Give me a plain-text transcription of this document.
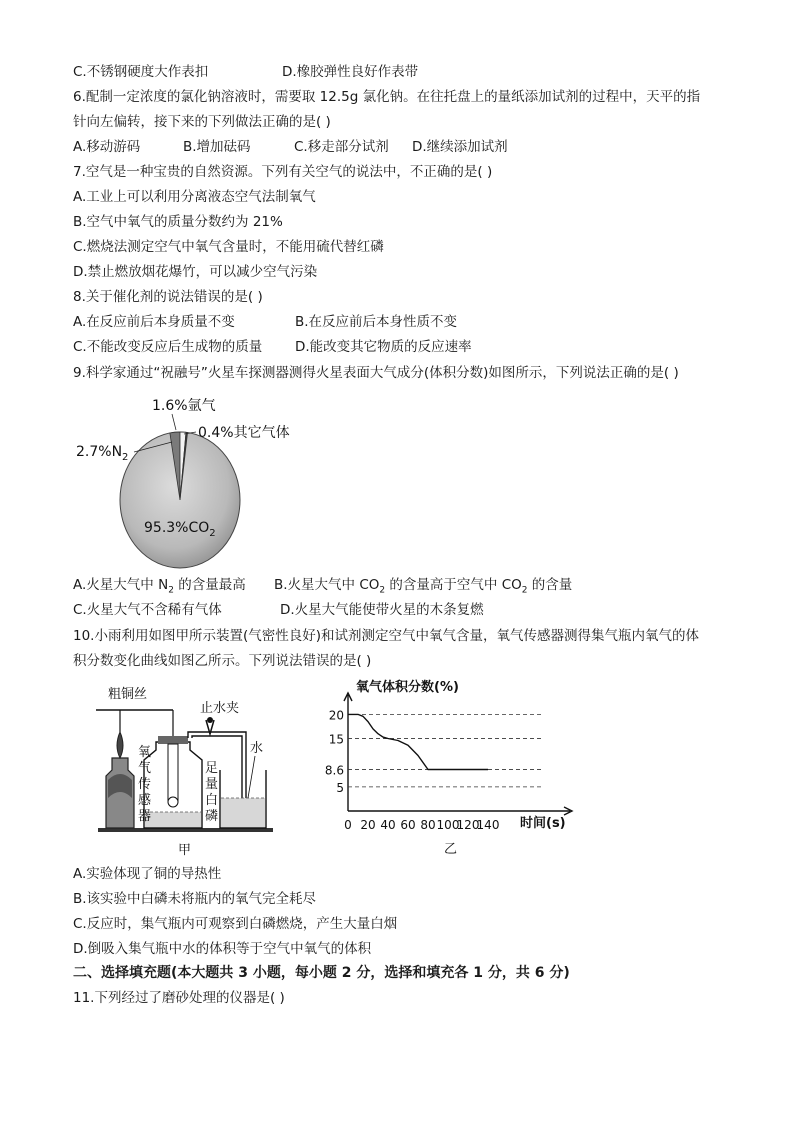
C.不锈钢硬度大作表扣	D.橡胶弹性良好作表带
6.配制一定浓度的氯化钠溶液时，需要取 12.5g 氯化钠。在往托盘上的量纸添加试剂的过程中，天平的指
针向左偏转，接下来的下列做法正确的是( )
A.移动游码	B.增加砝码	C.移走部分试剂 D.继续添加试剂
7.空气是一种宝贵的自然资源。下列有关空气的说法中，不正确的是( )
A.工业上可以利用分离液态空气法制氧气
B.空气中氧气的质量分数约为 21%
C.燃烧法测定空气中氧气含量时，不能用硫代替红磷
D.禁止燃放烟花爆竹，可以减少空气污染
8.关于催化剂的说法错误的是( )
A.在反应前后本身质量不变	B.在反应前后本身性质不变
C.不能改变反应后生成物的质量 D.能改变其它物质的反应速率
9.科学家通过“祝融号”火星车探测器测得火星表面大气成分(体积分数)如图所示，下列说法正确的是( )
1.6%氩气
0.4%其它气体
$2.7\%N_2$
$95.3\%CO_2$
A.火星大气中 $N_2$ 的含量最高 B.火星大气中 $CO_2$ 的含量高于空气中 $CO_2$ 的含量
C.火星大气不含稀有气体	D.火星大气能使带火星的木条复燃
10.小雨利用如图甲所示装置(气密性良好)和试剂测定空气中氧气含量，氧气传感器测得集气瓶内氧气的体
积分数变化曲线如图乙所示。下列说法错误的是( )
粗铜丝
止水夹
水
氧
气
传
感
器
足
量
白
磷
甲
20
15
8.6
5
0 20 40 60 80 100
120
140
氧气体积分数(%)
时间(s)
乙
A.实验体现了铜的导热性
B.该实验中白磷未将瓶内的氧气完全耗尽
C.反应时，集气瓶内可观察到白磷燃烧，产生大量白烟
D.倒吸入集气瓶中水的体积等于空气中氧气的体积
二、选择填充题(本大题共 3 小题，每小题 2 分，选择和填充各 1 分，共 6 分)
11.下列经过了磨砂处理的仪器是( )
